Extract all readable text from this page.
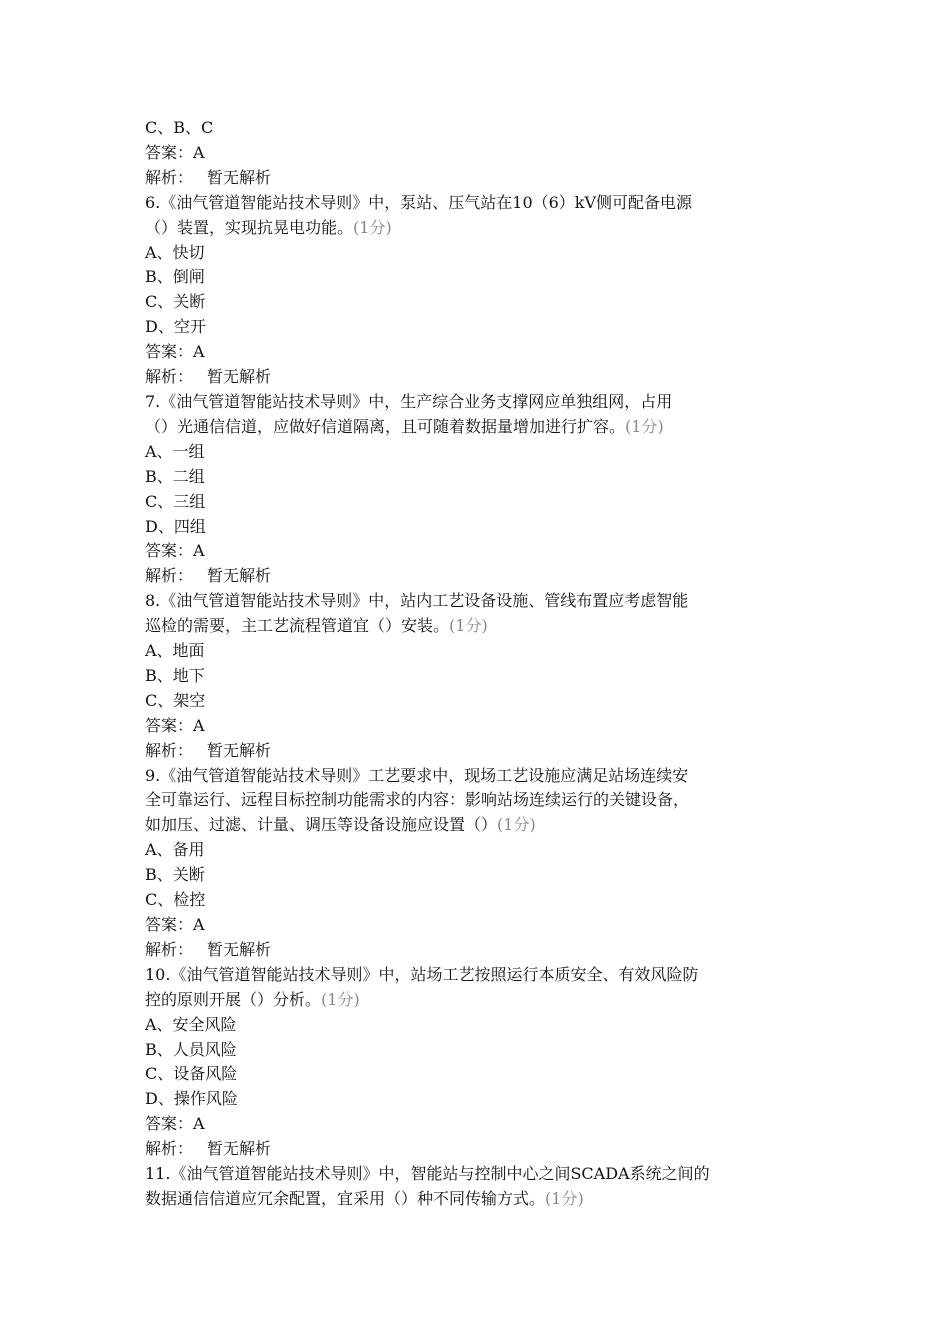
C、B、C
答案：A
解析： 暂无解析
6.《油气管道智能站技术导则》中，泵站、压气站在10（6）kV侧可配备电源
（）装置，实现抗晃电功能。(1分)
A、快切
B、倒闸
C、关断
D、空开
答案：A
解析： 暂无解析
7.《油气管道智能站技术导则》中，生产综合业务支撑网应单独组网，占用
（）光通信信道，应做好信道隔离，且可随着数据量增加进行扩容。(1分)
A、一组
B、二组
C、三组
D、四组
答案：A
解析： 暂无解析
8.《油气管道智能站技术导则》中，站内工艺设备设施、管线布置应考虑智能
巡检的需要，主工艺流程管道宜（）安装。(1分)
A、地面
B、地下
C、架空
答案：A
解析： 暂无解析
9.《油气管道智能站技术导则》工艺要求中，现场工艺设施应满足站场连续安
全可靠运行、远程目标控制功能需求的内容：影响站场连续运行的关键设备，
如加压、过滤、计量、调压等设备设施应设置（）(1分)
A、备用
B、关断
C、检控
答案：A
解析： 暂无解析
10.《油气管道智能站技术导则》中，站场工艺按照运行本质安全、有效风险防
控的原则开展（）分析。(1分)
A、安全风险
B、人员风险
C、设备风险
D、操作风险
答案：A
解析： 暂无解析
11.《油气管道智能站技术导则》中，智能站与控制中心之间SCADA系统之间的
数据通信信道应冗余配置，宜采用（）种不同传输方式。(1分)
